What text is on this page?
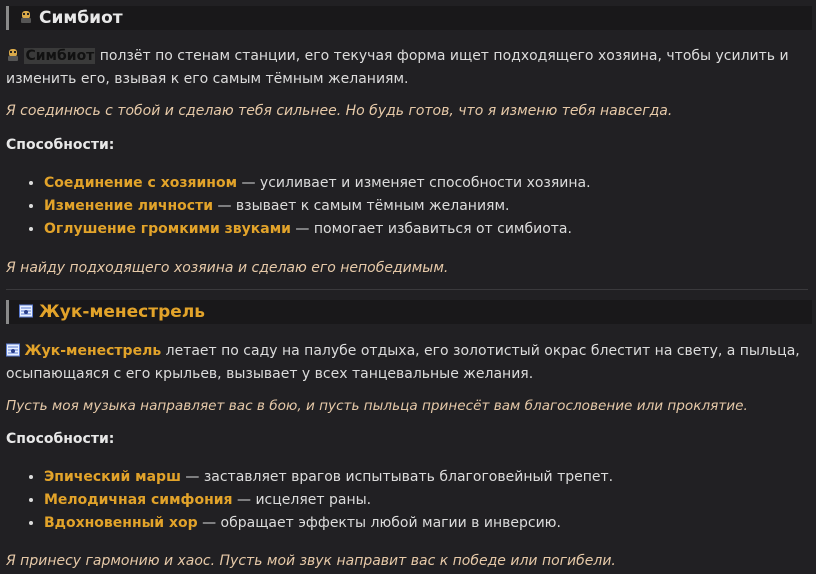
Симбиот
Симбиот ползёт по стенам станции, его текучая форма ищет подходящего хозяина, чтобы усилить и
изменить его, взывая к его самым тёмным желаниям.
Я соединюсь с тобой и сделаю тебя сильнее. Но будь готов, что я изменю тебя навсегда.
Способности:
• Соединение с хозяином — усиливает и изменяет способности хозяина.
• Изменение личности — взывает к самым тёмным желаниям.
• Оглушение громкими звуками — помогает избавиться от симбиота.
Я найду подходящего хозяина и сделаю его непобедимым.
Жук-менестрель
Жук-менестрель летает по саду на палубе отдыха, его золотистый окрас блестит на свету, а пыльца,
осыпающаяся с его крыльев, вызывает у всех танцевальные желания.
Пусть моя музыка направляет вас в бою, и пусть пыльца принесёт вам благословение или проклятие.
Способности:
• Эпический марш — заставляет врагов испытывать благоговейный трепет.
• Мелодичная симфония — исцеляет раны.
• Вдохновенный хор — обращает эффекты любой магии в инверсию.
Я принесу гармонию и хаос. Пусть мой звук направит вас к победе или погибели.
